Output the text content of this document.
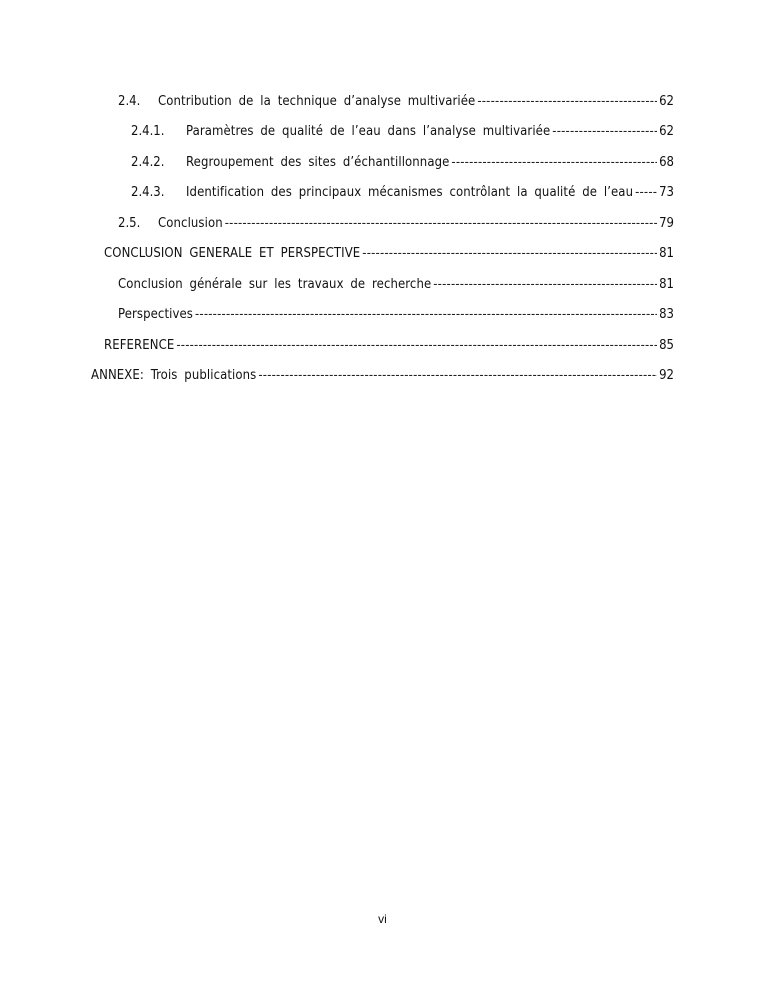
2.4.	Contribution de la technique d’analyse multivariée -----	62
2.4.1.	Paramètres de qualité de l’eau dans l’analyse multivariée -----	62
2.4.2.	Regroupement des sites d’échantillonnage -----	68
2.4.3.	Identification des principaux mécanismes contrôlant la qualité de l’eau ----- 73
2.5.	Conclusion -----	79
CONCLUSION GENERALE ET PERSPECTIVE -----	81
Conclusion générale sur les travaux de recherche -----	81
Perspectives -----	83
REFERENCE -----	85
ANNEXE: Trois publications -----	92
vi
